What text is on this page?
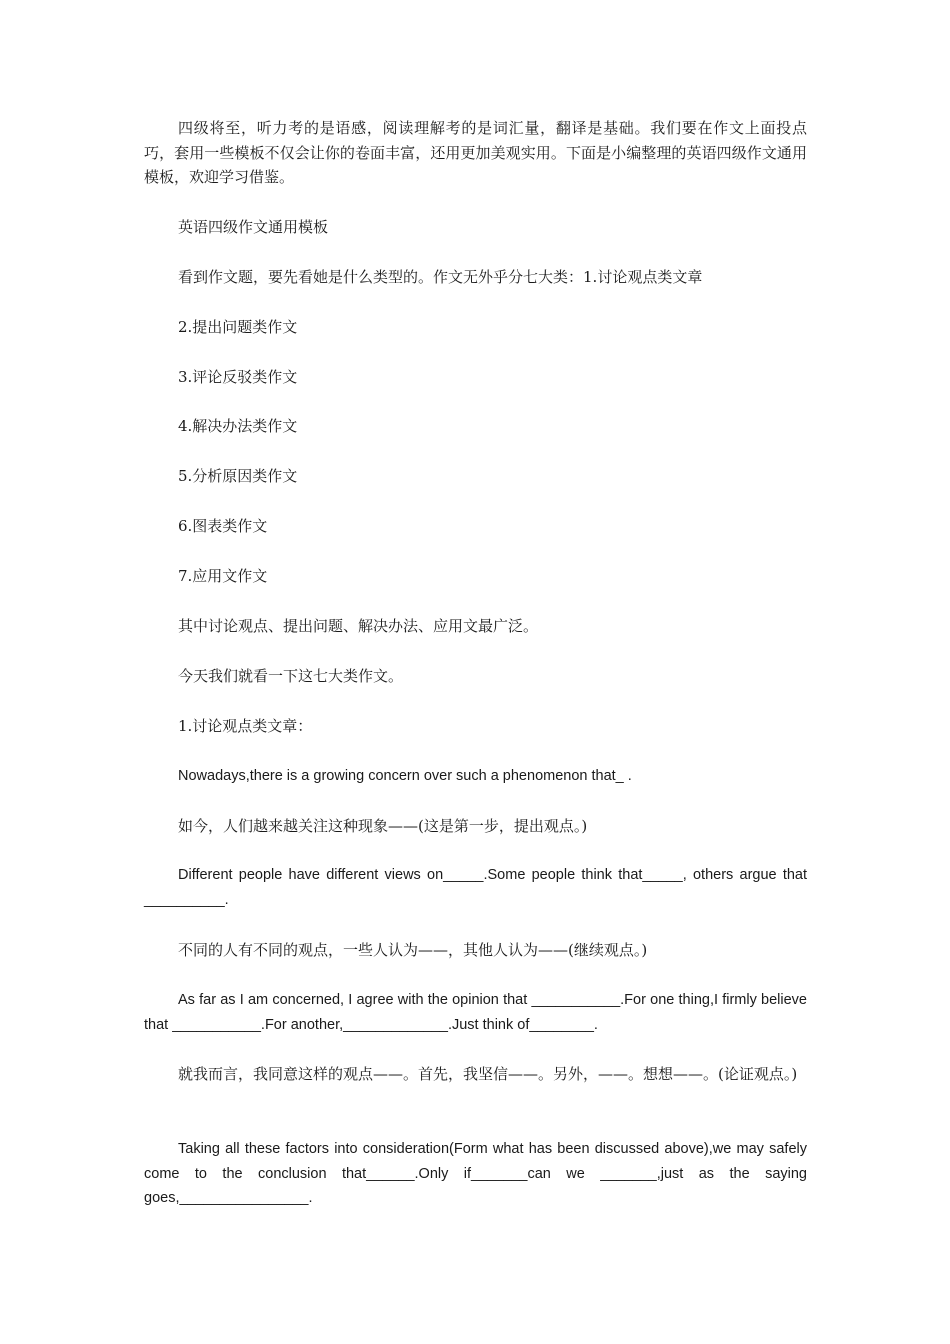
四级将至，听力考的是语感，阅读理解考的是词汇量，翻译是基础。我们要在作文上面投点巧，套用一些模板不仅会让你的卷面丰富，还用更加美观实用。下面是小编整理的英语四级作文通用模板，欢迎学习借鉴。

英语四级作文通用模板

看到作文题，要先看她是什么类型的。作文无外乎分七大类：1.讨论观点类文章

2.提出问题类作文

3.评论反驳类作文

4.解决办法类作文

5.分析原因类作文

6.图表类作文

7.应用文作文

其中讨论观点、提出问题、解决办法、应用文最广泛。

今天我们就看一下这七大类作文。

1.讨论观点类文章：

Nowadays,there is a growing concern over such a phenomenon that_ .

如今，人们越来越关注这种现象——(这是第一步，提出观点。)

Different people have different views on_____.Some people think that_____, others argue that __________.

不同的人有不同的观点，一些人认为——，其他人认为——(继续观点。)

As far as I am concerned, I agree with the opinion that ___________.For one thing,I firmly believe that ___________.For another,_____________.Just think of________.

就我而言，我同意这样的观点——。首先，我坚信——。另外，——。想想——。(论证观点。)

Taking all these factors into consideration(Form what has been discussed above),we may safely come to the conclusion that______.Only if_______can we _______,just as the saying goes,________________.
